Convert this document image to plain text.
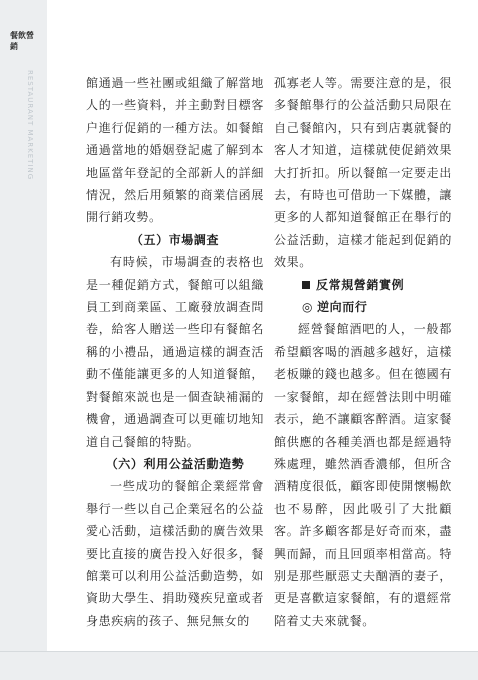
餐飲營銷
RESTAURANT MARKETING	館通過一些社團或組織了解當地人的一些資料，并主動對目標客户進行促銷的一種方法。如餐館通過當地的婚姻登記處了解到本地區當年登記的全部新人的詳細情況，然后用頻繁的商業信函展開行銷攻勢。

（五）市場調查

有時候，市場調查的表格也是一種促銷方式，餐館可以組織員工到商業區、工廠發放調查問卷，給客人贈送一些印有餐館名稱的小禮品，通過這樣的調查活動不僅能讓更多的人知道餐館，對餐館來説也是一個查缺補漏的機會，通過調查可以更確切地知道自己餐館的特點。

（六）利用公益活動造勢

一些成功的餐館企業經常會舉行一些以自己企業冠名的公益愛心活動，這樣活動的廣告效果要比直接的廣告投入好很多，餐館業可以利用公益活動造勢，如資助大學生、捐助殘疾兒童或者身患疾病的孩子、無兒無女的

孤寡老人等。需要注意的是，很多餐館舉行的公益活動只局限在自己餐館內，只有到店裏就餐的客人才知道，這樣就使促銷效果大打折扣。所以餐館一定要走出去，有時也可借助一下媒體，讓更多的人都知道餐館正在舉行的公益活動，這樣才能起到促銷的效果。

反常規營銷實例

◎ 逆向而行

經營餐館酒吧的人，一般都希望顧客喝的酒越多越好，這樣老板賺的錢也越多。但在德國有一家餐館，却在經營法則中明確表示，絶不讓顧客醉酒。這家餐館供應的各種美酒也都是經過特殊處理，雖然酒香濃郁，但所含酒精度很低，顧客即使開懷暢飲也不易醉，因此吸引了大批顧客。許多顧客都是好奇而來，盡興而歸，而且回頭率相當高。特别是那些厭惡丈夫酗酒的妻子，更是喜歡這家餐館，有的還經常陪着丈夫來就餐。
